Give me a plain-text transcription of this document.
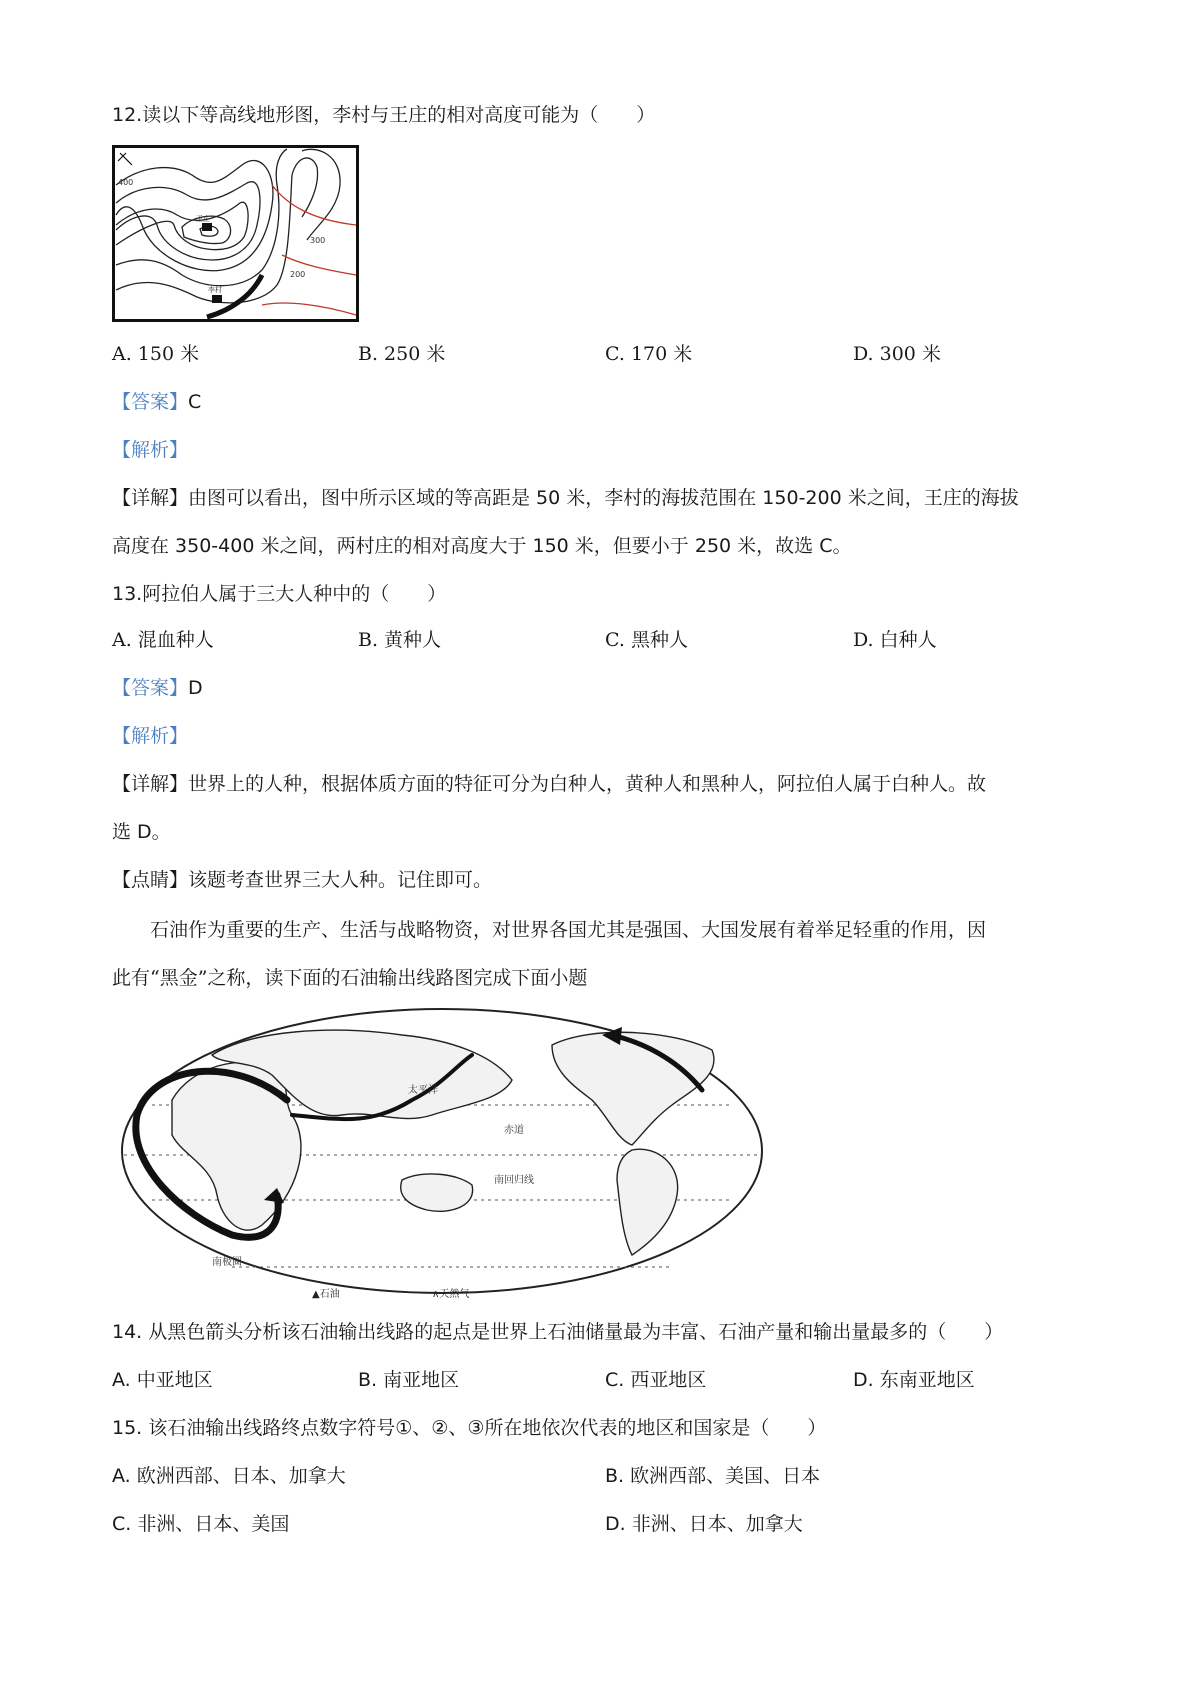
12.读以下等高线地形图，李村与王庄的相对高度可能为（　　）
400
300
200
王庄
李村
A. 150 米	B. 250 米	C. 170 米	D. 300 米
【答案】C
【解析】
【详解】由图可以看出，图中所示区域的等高距是 50 米，李村的海拔范围在 150-200 米之间，王庄的海拔
高度在 350-400 米之间，两村庄的相对高度大于 150 米，但要小于 250 米，故选 C。
13.阿拉伯人属于三大人种中的（　　）
A. 混血种人	B. 黄种人	C. 黑种人	D. 白种人
【答案】D
【解析】
【详解】世界上的人种，根据体质方面的特征可分为白种人，黄种人和黑种人，阿拉伯人属于白种人。故
选 D。
【点睛】该题考查世界三大人种。记住即可。
石油作为重要的生产、生活与战略物资，对世界各国尤其是强国、大国发展有着举足轻重的作用，因
此有“黑金”之称，读下面的石油输出线路图完成下面小题
太平洋
赤道
南回归线
南极圈
▲石油	∧天然气
14. 从黑色箭头分析该石油输出线路的起点是世界上石油储量最为丰富、石油产量和输出量最多的（　　）
A. 中亚地区	B. 南亚地区	C. 西亚地区	D. 东南亚地区
15. 该石油输出线路终点数字符号①、②、③所在地依次代表的地区和国家是（　　）
A. 欧洲西部、日本、加拿大	B. 欧洲西部、美国、日本
C. 非洲、日本、美国	D. 非洲、日本、加拿大
